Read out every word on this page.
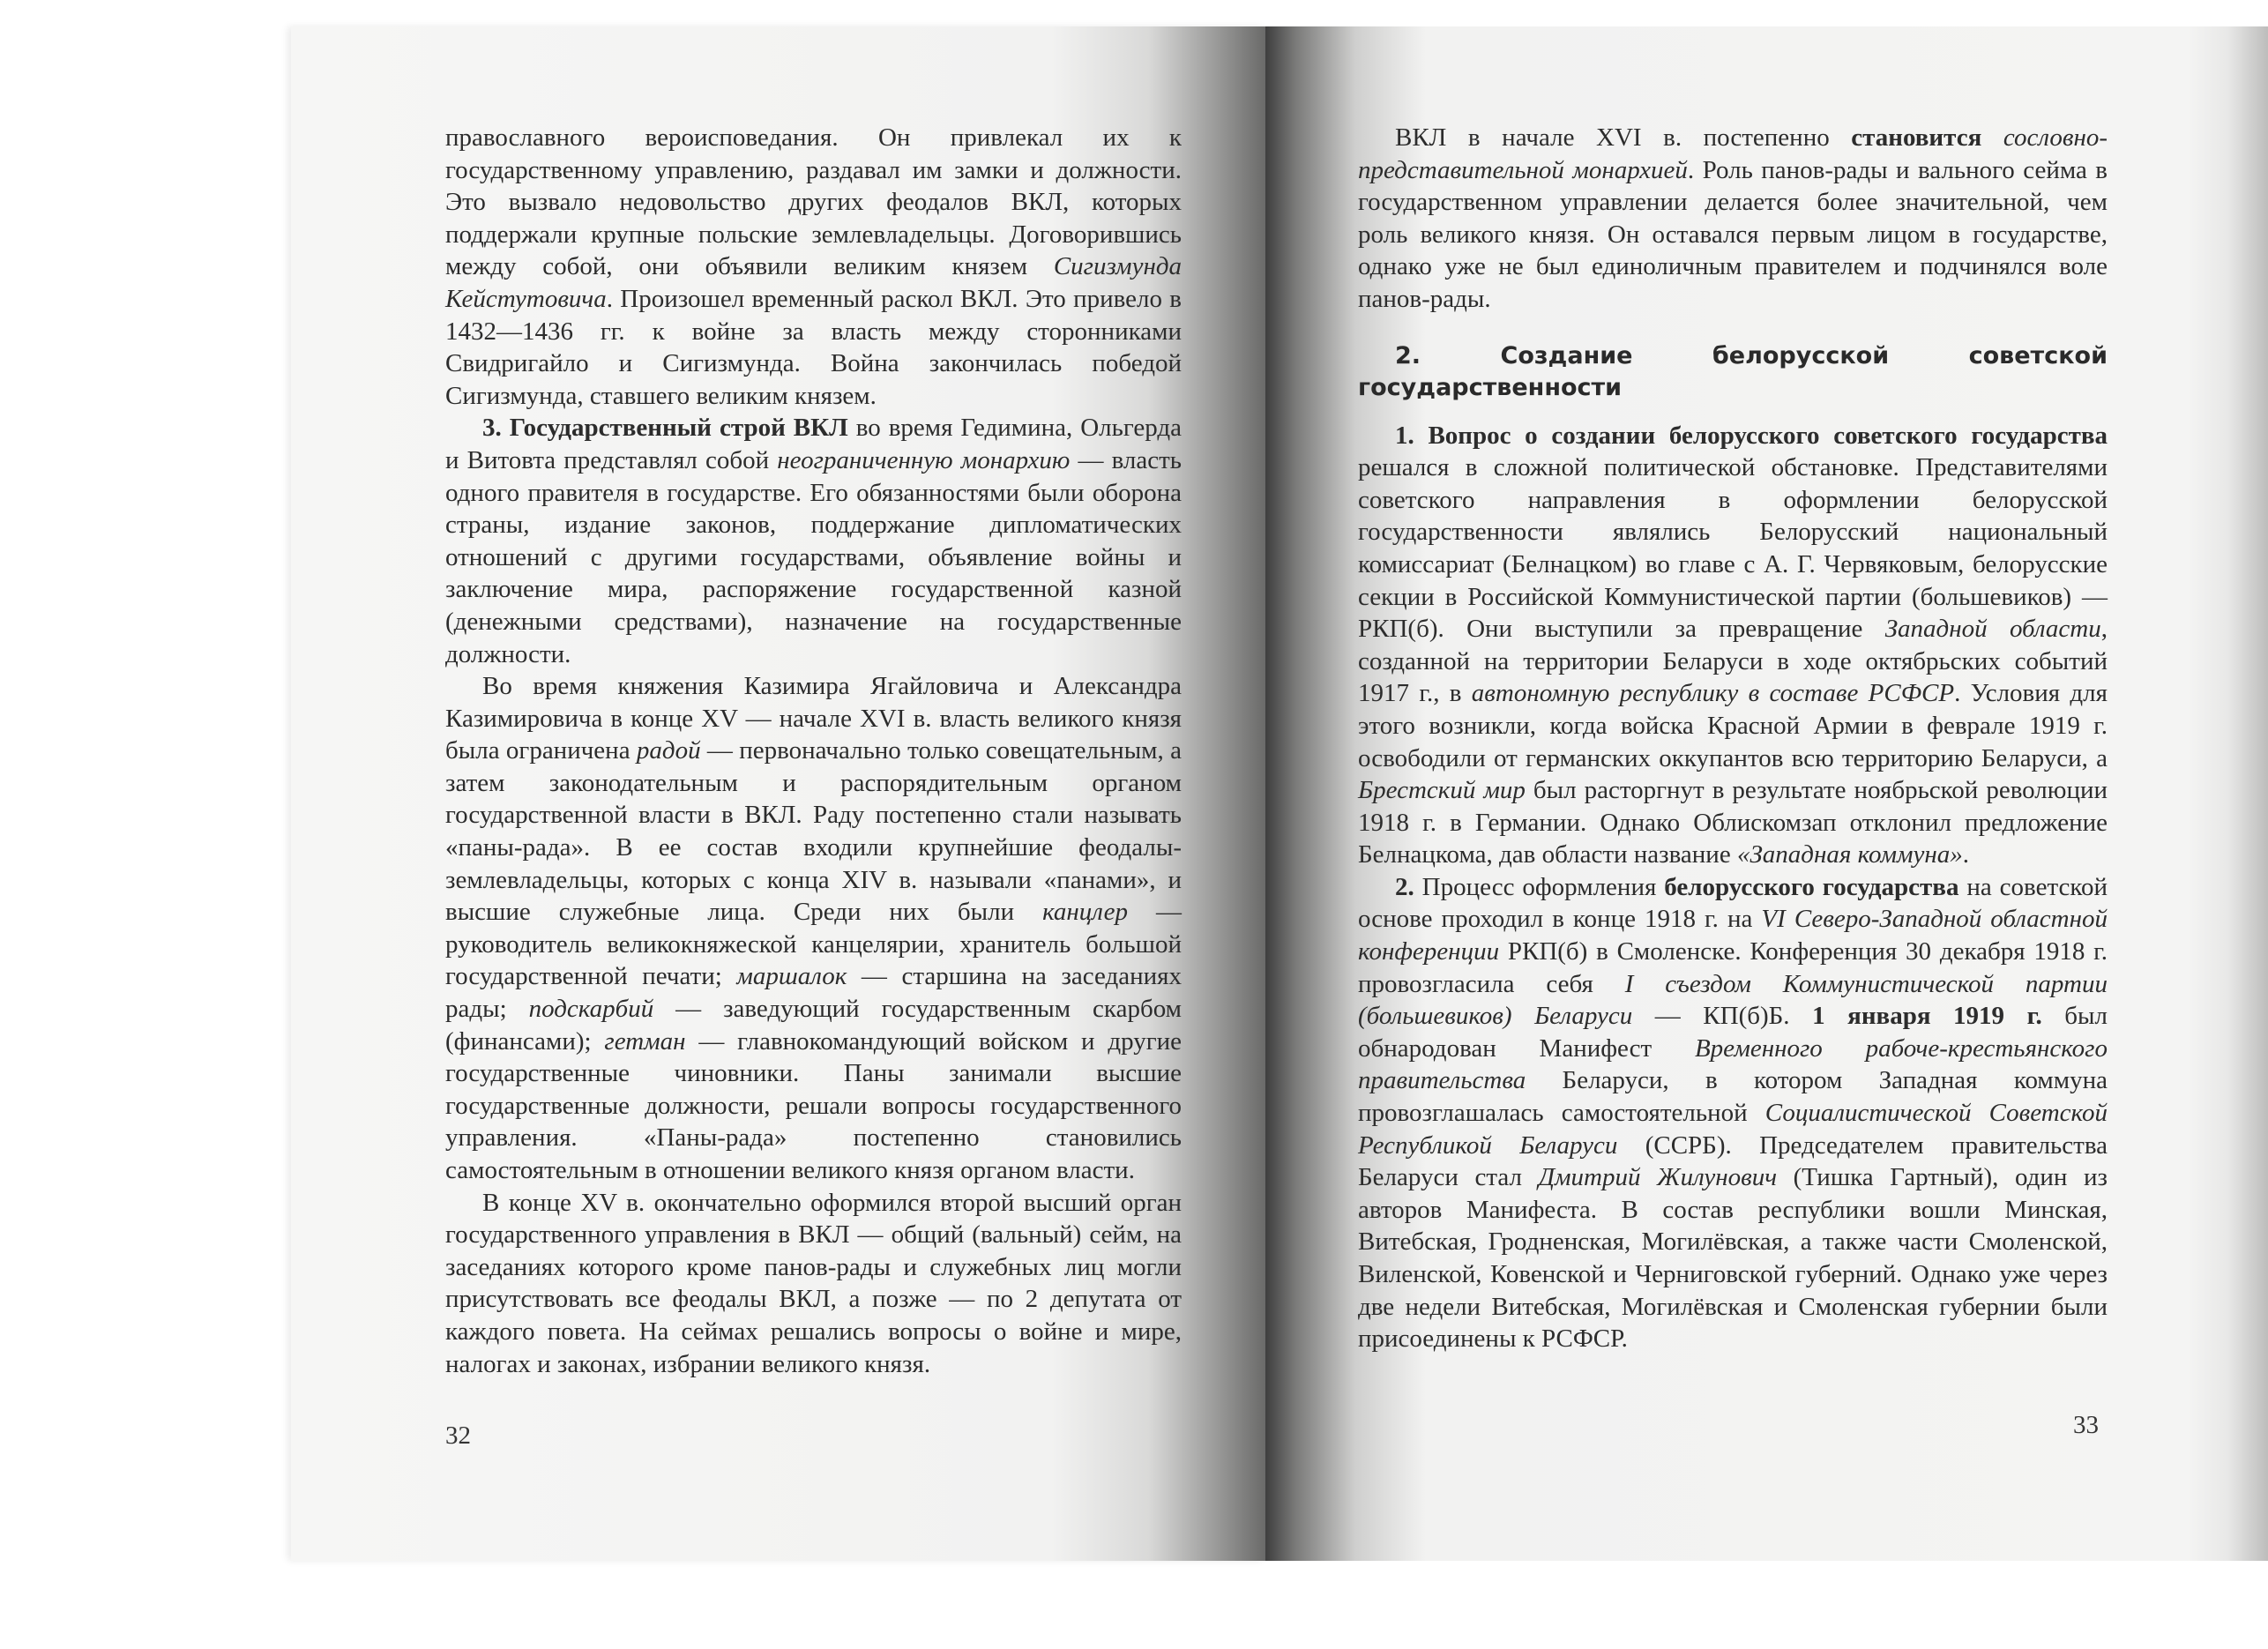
православного вероисповедания. Он привлекал их к государственному управлению, раздавал им замки и должности. Это вызвало недовольство других феодалов ВКЛ, которых поддержали крупные польские землевладельцы. Договорившись между собой, они объявили великим князем Сигизмунда Кейстутовича. Произошел временный раскол ВКЛ. Это привело в 1432—1436 гг. к войне за власть между сторонниками Свидригайло и Сигизмунда. Война закончилась победой Сигизмунда, ставшего великим князем.

3. Государственный строй ВКЛ во время Гедимина, Ольгерда и Витовта представлял собой неограниченную монархию — власть одного правителя в государстве. Его обязанностями были оборона страны, издание законов, поддержание дипломатических отношений с другими государствами, объявление войны и заключение мира, распоряжение государственной казной (денежными средствами), назначение на государственные должности.

Во время княжения Казимира Ягайловича и Александра Казимировича в конце XV — начале XVI в. власть великого князя была ограничена радой — первоначально только совещательным, а затем законодательным и распорядительным органом государственной власти в ВКЛ. Раду постепенно стали называть «паны-рада». В ее состав входили крупнейшие феодалы-землевладельцы, которых с конца XIV в. называли «панами», и высшие служебные лица. Среди них были канцлер — руководитель великокняжеской канцелярии, хранитель большой государственной печати; маршалок — старшина на заседаниях рады; подскарбий — заведующий государственным скарбом (финансами); гетман — главнокомандующий войском и другие государственные чиновники. Паны занимали высшие государственные должности, решали вопросы государственного управления. «Паны-рада» постепенно становились самостоятельным в отношении великого князя органом власти.

В конце XV в. окончательно оформился второй высший орган государственного управления в ВКЛ — общий (вальный) сейм, на заседаниях которого кроме панов-рады и служебных лиц могли присутствовать все феодалы ВКЛ, а позже — по 2 депутата от каждого повета. На сеймах решались вопросы о войне и мире, налогах и законах, избрании великого князя.

32

ВКЛ в начале XVI в. постепенно становится сословно-представительной монархией. Роль панов-рады и вального сейма в государственном управлении делается более значительной, чем роль великого князя. Он оставался первым лицом в государстве, однако уже не был единоличным правителем и подчинялся воле панов-рады.

2. Создание белорусской советской государственности

1. Вопрос о создании белорусского советского государства решался в сложной политической обстановке. Представителями советского направления в оформлении белорусской государственности являлись Белорусский национальный комиссариат (Белнацком) во главе с А. Г. Червяковым, белорусские секции в Российской Коммунистической партии (большевиков) — РКП(б). Они выступили за превращение Западной области, созданной на территории Беларуси в ходе октябрьских событий 1917 г., в автономную республику в составе РСФСР. Условия для этого возникли, когда войска Красной Армии в феврале 1919 г. освободили от германских оккупантов всю территорию Беларуси, а Брестский мир был расторгнут в результате ноябрьской революции 1918 г. в Германии. Однако Облискомзап отклонил предложение Белнацкома, дав области название «Западная коммуна».

2. Процесс оформления белорусского государства на советской основе проходил в конце 1918 г. на VI Северо-Западной областной конференции РКП(б) в Смоленске. Конференция 30 декабря 1918 г. провозгласила себя I съездом Коммунистической партии (большевиков) Беларуси — КП(б)Б. 1 января 1919 г. был обнародован Манифест Временного рабоче-крестьянского правительства Беларуси, в котором Западная коммуна провозглашалась самостоятельной Социалистической Советской Республикой Беларуси (ССРБ). Председателем правительства Беларуси стал Дмитрий Жилунович (Тишка Гартный), один из авторов Манифеста. В состав республики вошли Минская, Витебская, Гродненская, Могилёвская, а также части Смоленской, Виленской, Ковенской и Черниговской губерний. Однако уже через две недели Витебская, Могилёвская и Смоленская губернии были присоединены к РСФСР.

33
